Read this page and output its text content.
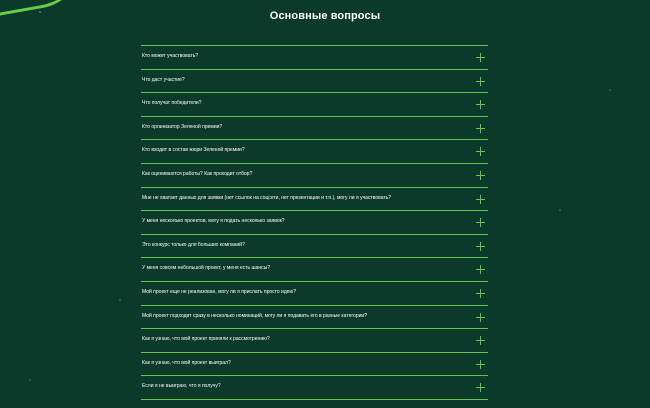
Основные вопросы
Кто может участвовать?
Что даст участие?
Что получат победители?
Кто организатор Зеленой премии?
Кто входит в состав жюри Зеленой премии?
Как оцениваются работы? Как проходит отбор?
Мне не хватает данных для заявки (нет ссылок на соцсети, нет презентации и т.п.), могу ли я участвовать?
У меня несколько проектов, могу я подать несколько заявок?
Это конкурс только для больших компаний?
У меня совсем небольшой проект, у меня есть шансы?
Мой проект еще не реализован, могу ли я прислать просто идею?
Мой проект подходит сразу в несколько номинаций, могу ли я подавать его в разные категории?
Как я узнаю, что мой проект приняли к рассмотрению?
Как я узнаю, что мой проект выиграл?
Если я не выиграю, что я получу?
